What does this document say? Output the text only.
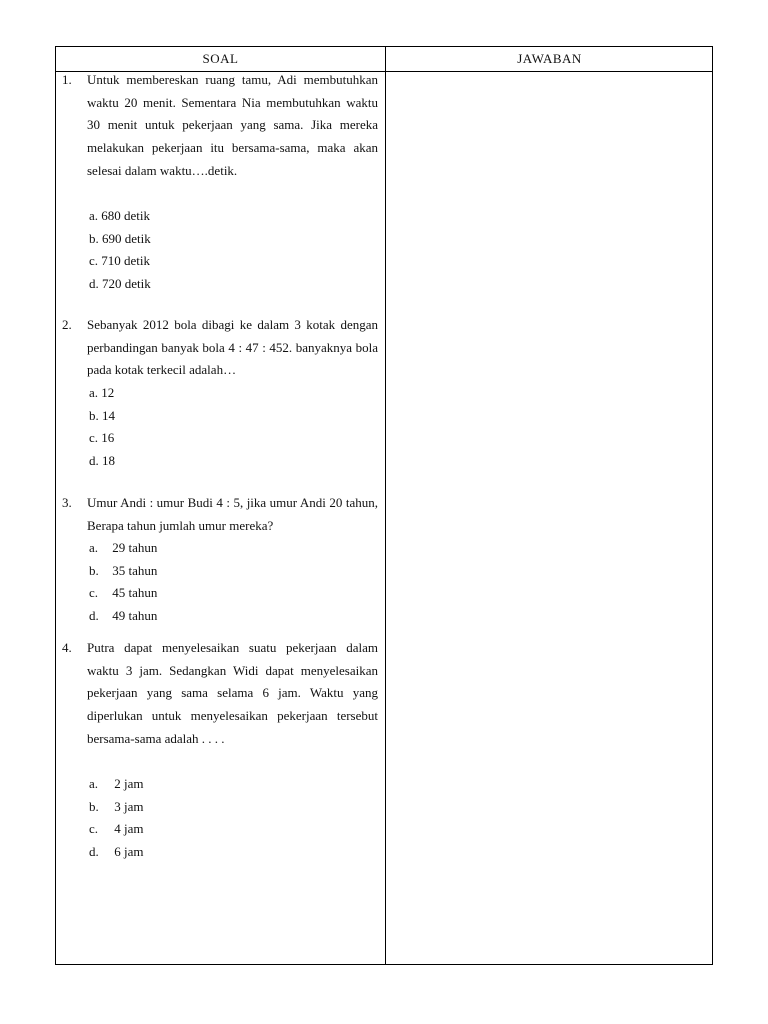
SOAL	JAWABAN
1. Untuk membereskan ruang tamu, Adi membutuhkan waktu 20 menit. Sementara Nia membutuhkan waktu 30 menit untuk pekerjaan yang sama. Jika mereka melakukan pekerjaan itu bersama-sama, maka akan selesai dalam waktu….detik.
a. 680 detik
b. 690 detik
c. 710 detik
d. 720 detik
2. Sebanyak 2012 bola dibagi ke dalam 3 kotak dengan perbandingan banyak bola 4 : 47 : 452. banyaknya bola pada kotak terkecil adalah…
a. 12
b. 14
c. 16
d. 18
3. Umur Andi : umur Budi 4 : 5, jika umur Andi 20 tahun, Berapa tahun jumlah umur mereka?
a. 29 tahun
b. 35 tahun
c. 45 tahun
d. 49 tahun
4. Putra dapat menyelesaikan suatu pekerjaan dalam waktu 3 jam. Sedangkan Widi dapat menyelesaikan pekerjaan yang sama selama 6 jam. Waktu yang diperlukan untuk menyelesaikan pekerjaan tersebut bersama-sama adalah . . . .
a. 2 jam
b. 3 jam
c. 4 jam
d. 6 jam
